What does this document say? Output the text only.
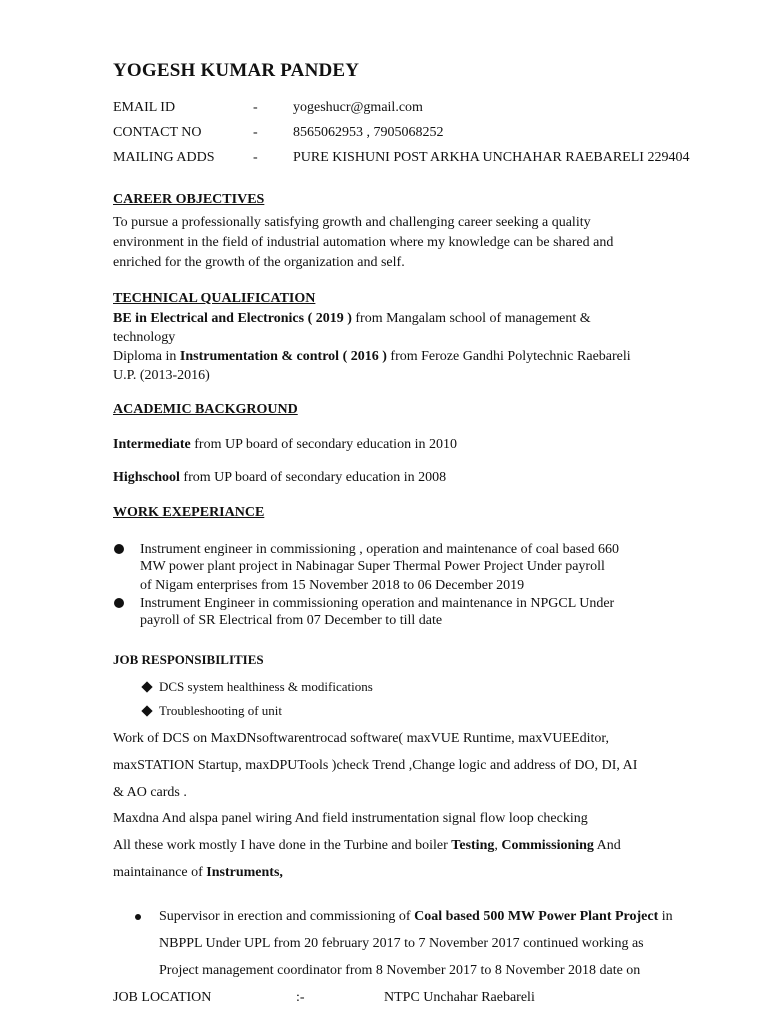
YOGESH KUMAR PANDEY
EMAIL ID	-	yogeshucr@gmail.com
CONTACT NO	-	8565062953 , 7905068252
MAILING ADDS	-	PURE KISHUNI POST ARKHA UNCHAHAR RAEBARELI 229404
CAREER OBJECTIVES
To pursue a professionally satisfying growth and challenging career seeking a quality
environment in the field of industrial automation where my knowledge can be shared and
enriched for the growth of the organization and self.
TECHNICAL QUALIFICATION
BE in Electrical and Electronics ( 2019 ) from Mangalam school of management &
technology
Diploma in Instrumentation & control ( 2016 ) from Feroze Gandhi Polytechnic Raebareli
U.P. (2013-2016)
ACADEMIC BACKGROUND
Intermediate from UP board of secondary education in 2010
Highschool from UP board of secondary education in 2008
WORK EXEPERIANCE
Instrument engineer in commissioning , operation and maintenance of coal based 660
MW power plant project in Nabinagar Super Thermal Power Project Under payroll
of Nigam enterprises from 15 November 2018 to 06 December 2019
Instrument Engineer in commissioning operation and maintenance in NPGCL Under
payroll of SR Electrical from 07 December to till date
JOB RESPONSIBILITIES
DCS system healthiness & modifications
Troubleshooting of unit
Work of DCS on MaxDNsoftwarentrocad software( maxVUE Runtime, maxVUEEditor,
maxSTATION Startup, maxDPUTools )check Trend ,Change logic and address of DO, DI, AI
& AO cards .
Maxdna And alspa panel wiring And field instrumentation signal flow loop checking
All these work mostly I have done in the Turbine and boiler Testing, Commissioning And
maintainance of Instruments,
Supervisor in erection and commissioning of Coal based 500 MW Power Plant Project in
NBPPL Under UPL from 20 february 2017 to 7 November 2017 continued working as
Project management coordinator from 8 November 2017 to 8 November 2018 date on
JOB LOCATION	:-	NTPC Unchahar Raebareli
